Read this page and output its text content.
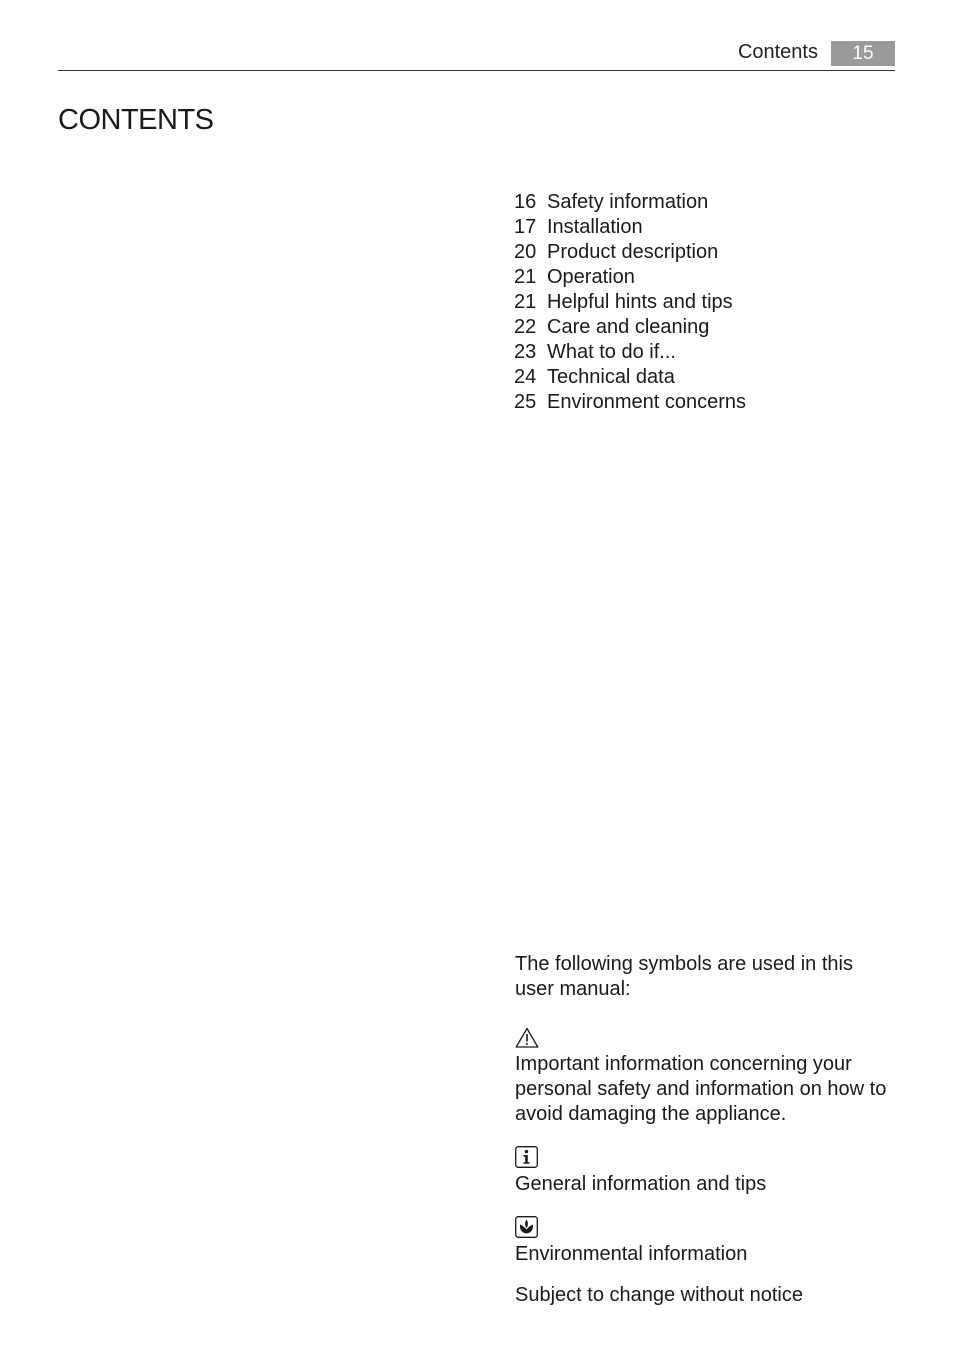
Contents	15
CONTENTS
16 Safety information
17 Installation
20 Product description
21 Operation
21 Helpful hints and tips
22 Care and cleaning
23 What to do if...
24 Technical data
25 Environment concerns
The following symbols are used in this user manual:
Important information concerning your personal safety and information on how to avoid damaging the appliance.
General information and tips
Environmental information
Subject to change without notice
